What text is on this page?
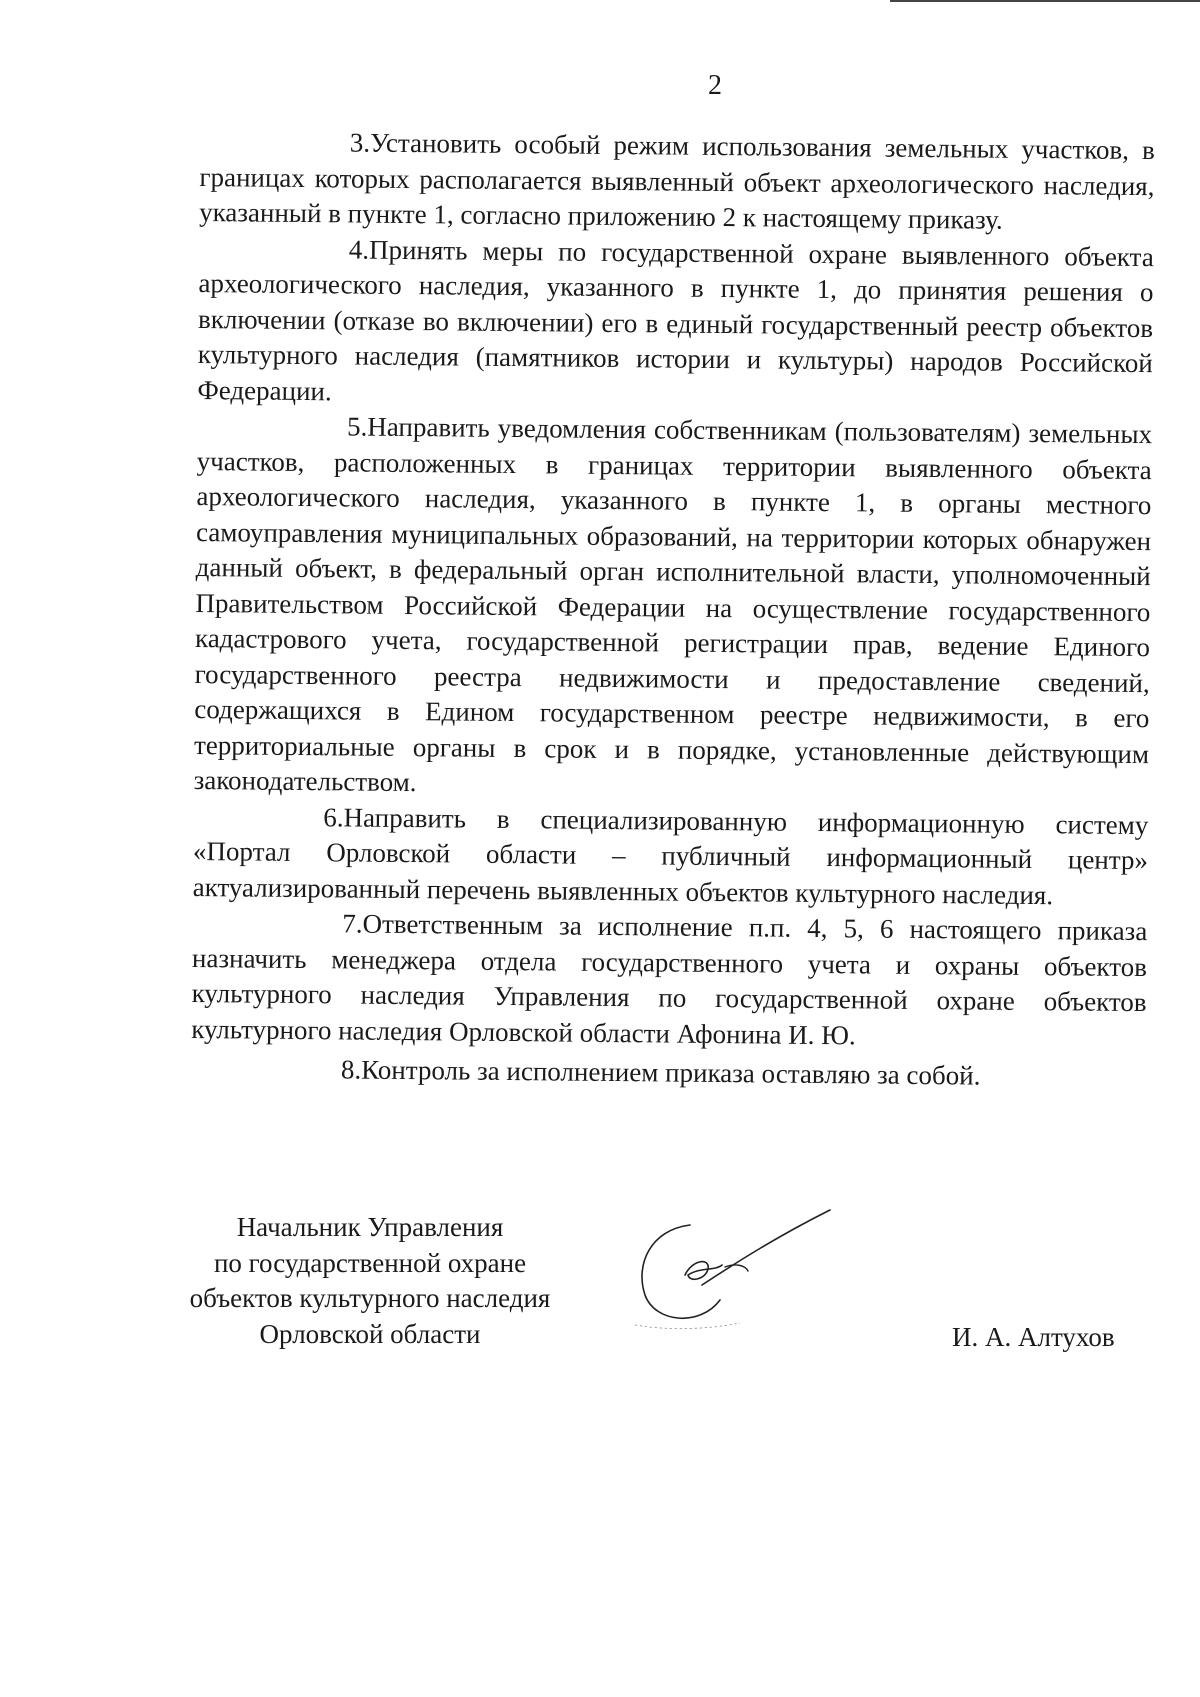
2

3.Установить особый режим использования земельных участков, в границах которых располагается выявленный объект археологического наследия, указанный в пункте 1, согласно приложению 2 к настоящему приказу.

4.Принять меры по государственной охране выявленного объекта археологического наследия, указанного в пункте 1, до принятия решения о включении (отказе во включении) его в единый государственный реестр объектов культурного наследия (памятников истории и культуры) народов Российской Федерации.

5.Направить уведомления собственникам (пользователям) земельных участков, расположенных в границах территории выявленного объекта археологического наследия, указанного в пункте 1, в органы местного самоуправления муниципальных образований, на территории которых обнаружен данный объект, в федеральный орган исполнительной власти, уполномоченный Правительством Российской Федерации на осуществление государственного кадастрового учета, государственной регистрации прав, ведение Единого государственного реестра недвижимости и предоставление сведений, содержащихся в Едином государственном реестре недвижимости, в его территориальные органы в срок и в порядке, установленные действующим законодательством.

6.Направить в специализированную информационную систему «Портал Орловской области – публичный информационный центр» актуализированный перечень выявленных объектов культурного наследия.

7.Ответственным за исполнение п.п. 4, 5, 6 настоящего приказа назначить менеджера отдела государственного учета и охраны объектов культурного наследия Управления по государственной охране объектов культурного наследия Орловской области Афонина И. Ю.

8.Контроль за исполнением приказа оставляю за собой.

Начальник Управления
по государственной охране
объектов культурного наследия
Орловской области	И. А. Алтухов
